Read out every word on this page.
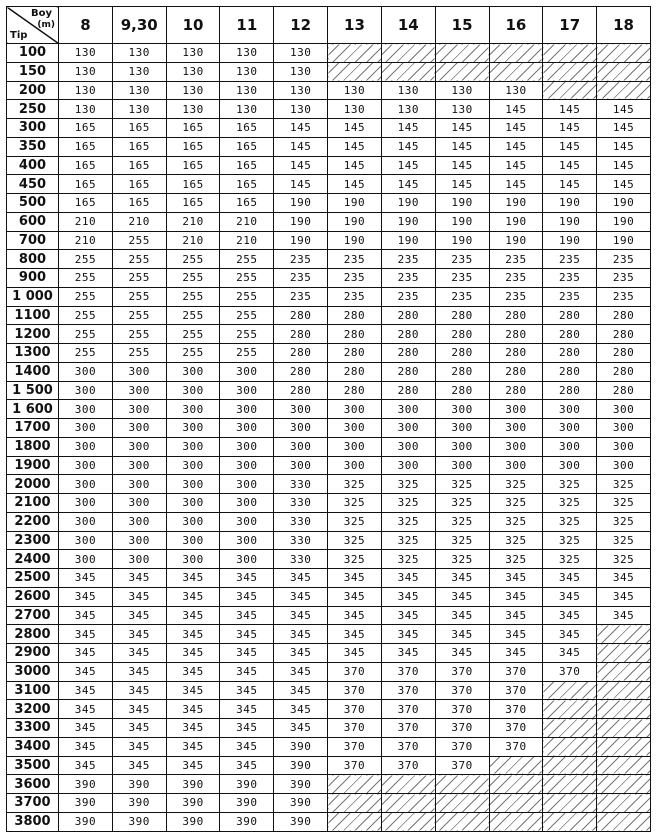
Boy
(m)
Tip	8	9,30	10	11	12	13	14	15	16	17	18
100	130	130	130	130	130						
150	130	130	130	130	130						
200	130	130	130	130	130	130	130	130	130		
250	130	130	130	130	130	130	130	130	145	145	145
300	165	165	165	165	145	145	145	145	145	145	145
350	165	165	165	165	145	145	145	145	145	145	145
400	165	165	165	165	145	145	145	145	145	145	145
450	165	165	165	165	145	145	145	145	145	145	145
500	165	165	165	165	190	190	190	190	190	190	190
600	210	210	210	210	190	190	190	190	190	190	190
700	210	255	210	210	190	190	190	190	190	190	190
800	255	255	255	255	235	235	235	235	235	235	235
900	255	255	255	255	235	235	235	235	235	235	235
1 000	255	255	255	255	235	235	235	235	235	235	235
1100	255	255	255	255	280	280	280	280	280	280	280
1200	255	255	255	255	280	280	280	280	280	280	280
1300	255	255	255	255	280	280	280	280	280	280	280
1400	300	300	300	300	280	280	280	280	280	280	280
1 500	300	300	300	300	280	280	280	280	280	280	280
1 600	300	300	300	300	300	300	300	300	300	300	300
1700	300	300	300	300	300	300	300	300	300	300	300
1800	300	300	300	300	300	300	300	300	300	300	300
1900	300	300	300	300	300	300	300	300	300	300	300
2000	300	300	300	300	330	325	325	325	325	325	325
2100	300	300	300	300	330	325	325	325	325	325	325
2200	300	300	300	300	330	325	325	325	325	325	325
2300	300	300	300	300	330	325	325	325	325	325	325
2400	300	300	300	300	330	325	325	325	325	325	325
2500	345	345	345	345	345	345	345	345	345	345	345
2600	345	345	345	345	345	345	345	345	345	345	345
2700	345	345	345	345	345	345	345	345	345	345	345
2800	345	345	345	345	345	345	345	345	345	345	
2900	345	345	345	345	345	345	345	345	345	345	
3000	345	345	345	345	345	370	370	370	370	370	
3100	345	345	345	345	345	370	370	370	370		
3200	345	345	345	345	345	370	370	370	370		
3300	345	345	345	345	345	370	370	370	370		
3400	345	345	345	345	390	370	370	370	370		
3500	345	345	345	345	390	370	370	370			
3600	390	390	390	390	390						
3700	390	390	390	390	390						
3800	390	390	390	390	390						
